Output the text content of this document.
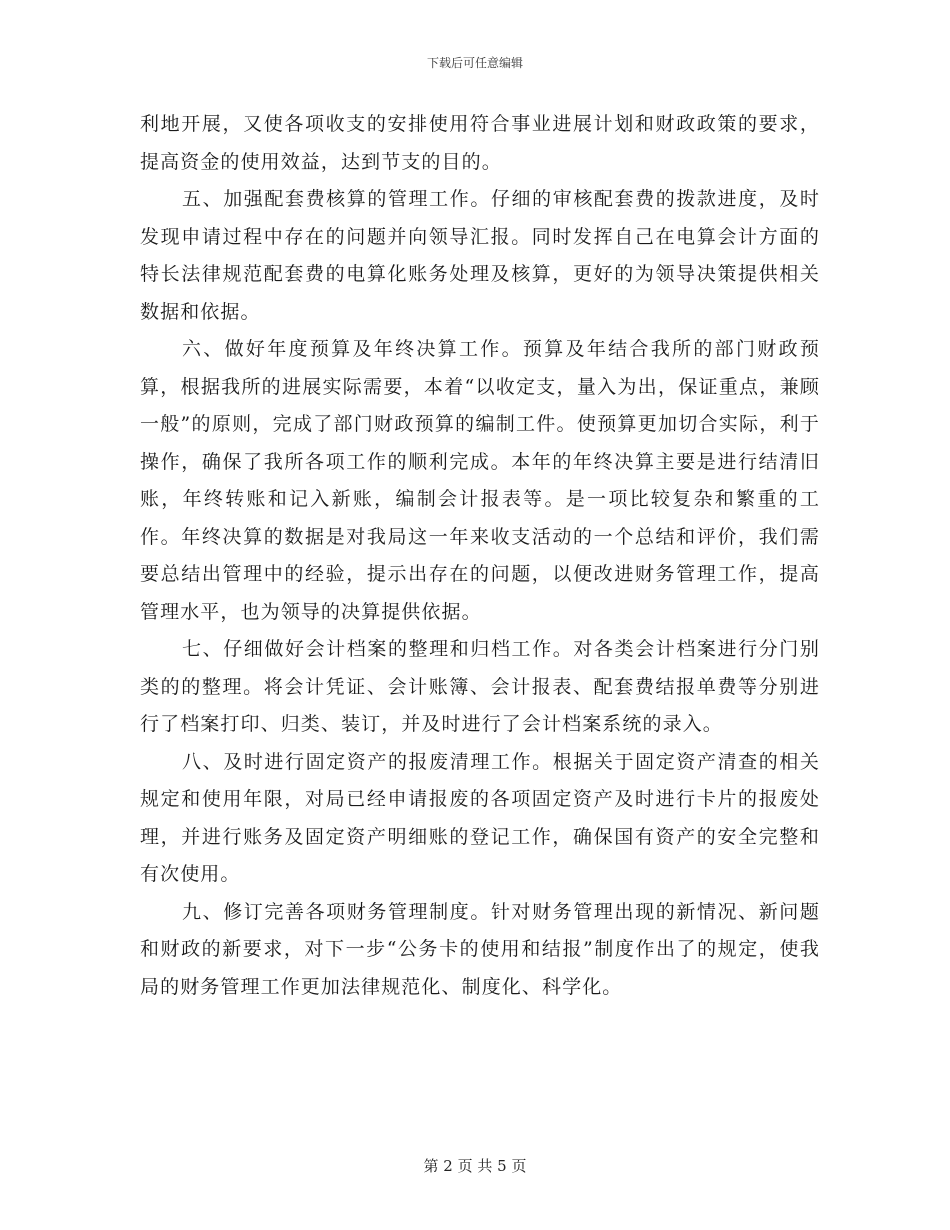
下载后可任意编辑

利地开展，又使各项收支的安排使用符合事业进展计划和财政政策的要求，提高资金的使用效益，达到节支的目的。

五、加强配套费核算的管理工作。仔细的审核配套费的拨款进度，及时发现申请过程中存在的问题并向领导汇报。同时发挥自己在电算会计方面的特长法律规范配套费的电算化账务处理及核算，更好的为领导决策提供相关数据和依据。

六、做好年度预算及年终决算工作。预算及年结合我所的部门财政预算，根据我所的进展实际需要，本着“以收定支，量入为出，保证重点，兼顾一般”的原则，完成了部门财政预算的编制工件。使预算更加切合实际，利于操作，确保了我所各项工作的顺利完成。本年的年终决算主要是进行结清旧账，年终转账和记入新账，编制会计报表等。是一项比较复杂和繁重的工作。年终决算的数据是对我局这一年来收支活动的一个总结和评价，我们需要总结出管理中的经验，提示出存在的问题，以便改进财务管理工作，提高管理水平，也为领导的决算提供依据。

七、仔细做好会计档案的整理和归档工作。对各类会计档案进行分门别类的的整理。将会计凭证、会计账簿、会计报表、配套费结报单费等分别进行了档案打印、归类、装订，并及时进行了会计档案系统的录入。

八、及时进行固定资产的报废清理工作。根据关于固定资产清查的相关规定和使用年限，对局已经申请报废的各项固定资产及时进行卡片的报废处理，并进行账务及固定资产明细账的登记工作，确保国有资产的安全完整和有次使用。

九、修订完善各项财务管理制度。针对财务管理出现的新情况、新问题和财政的新要求，对下一步“公务卡的使用和结报”制度作出了的规定，使我局的财务管理工作更加法律规范化、制度化、科学化。

第 2 页 共 5 页
